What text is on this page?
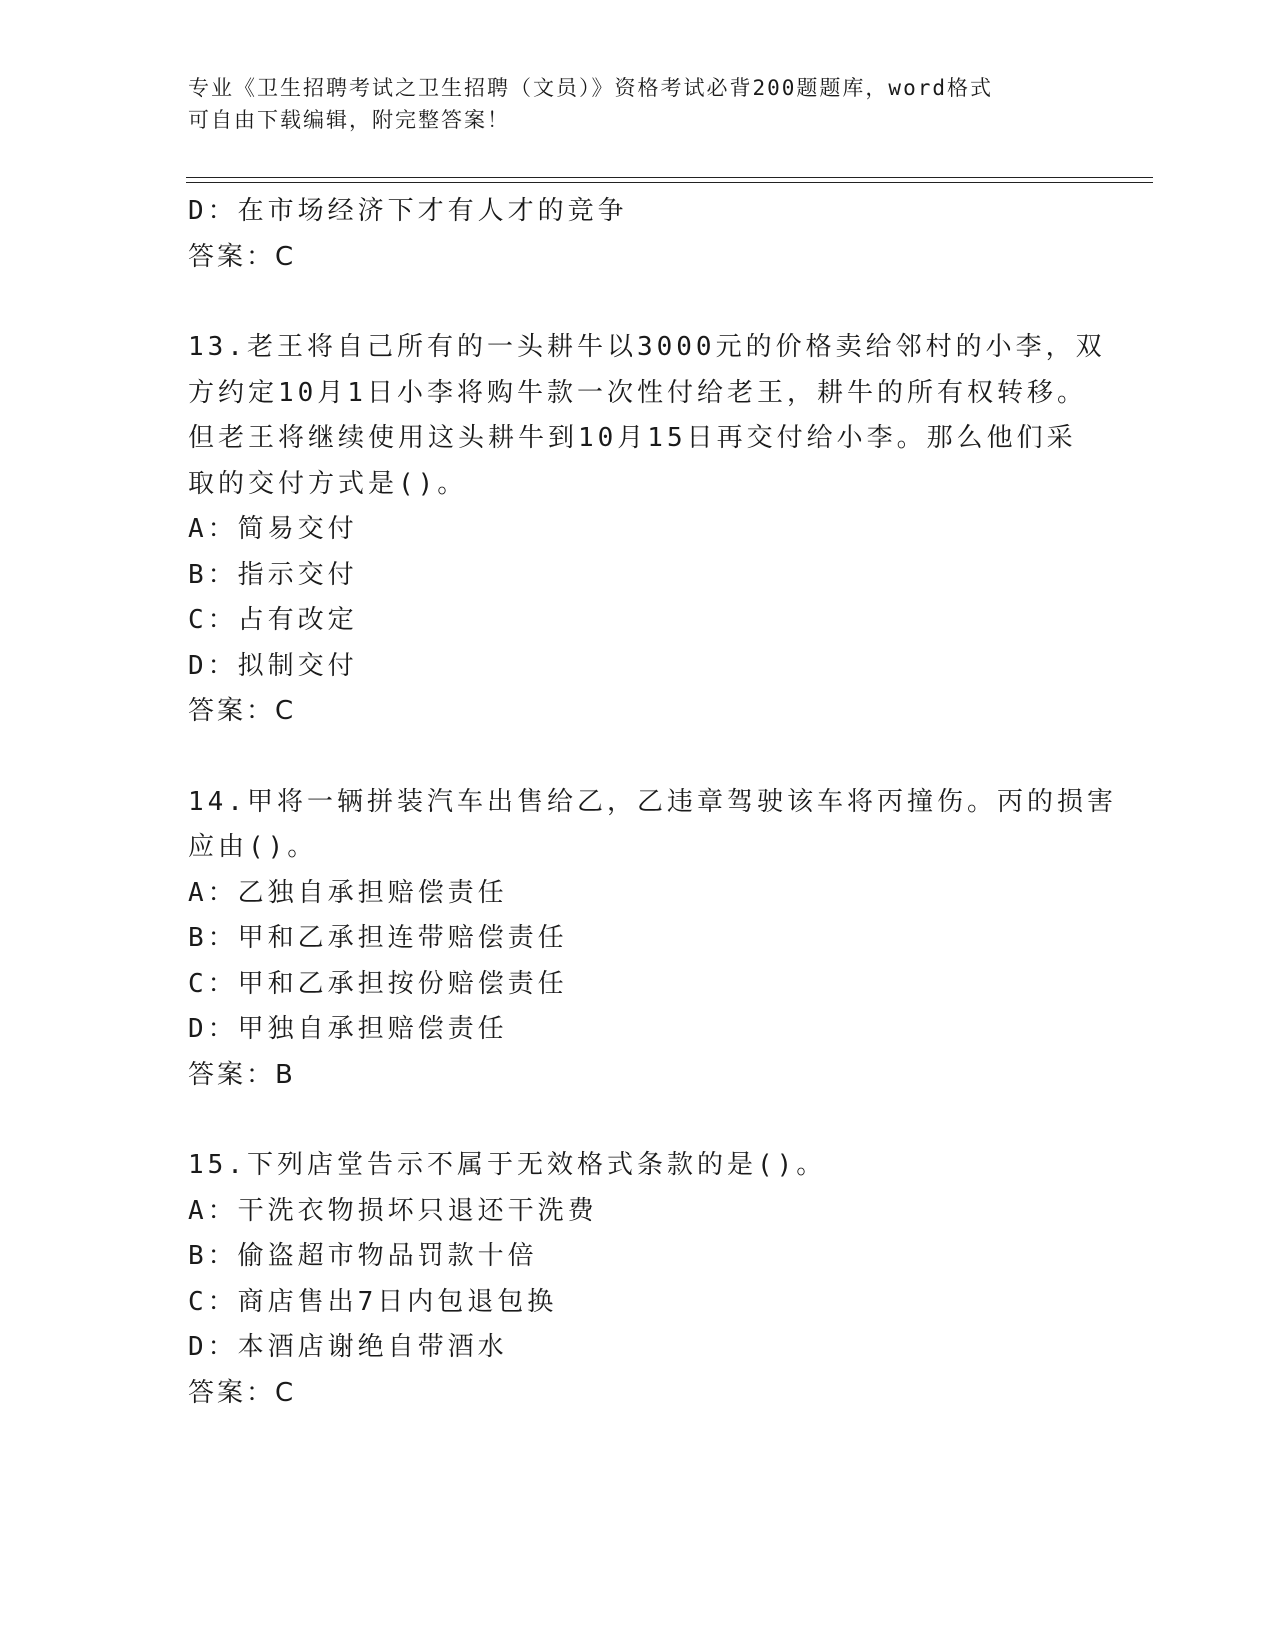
专业《卫生招聘考试之卫生招聘（文员）》资格考试必背200题题库，word格式
可自由下载编辑，附完整答案！
D：在市场经济下才有人才的竞争
答案：C
13.老王将自己所有的一头耕牛以3000元的价格卖给邻村的小李，双
方约定10月1日小李将购牛款一次性付给老王，耕牛的所有权转移。
但老王将继续使用这头耕牛到10月15日再交付给小李。那么他们采
取的交付方式是()。
A：简易交付
B：指示交付
C：占有改定
D：拟制交付
答案：C
14.甲将一辆拼装汽车出售给乙，乙违章驾驶该车将丙撞伤。丙的损害
应由()。
A：乙独自承担赔偿责任
B：甲和乙承担连带赔偿责任
C：甲和乙承担按份赔偿责任
D：甲独自承担赔偿责任
答案：B
15.下列店堂告示不属于无效格式条款的是()。
A：干洗衣物损坏只退还干洗费
B：偷盗超市物品罚款十倍
C：商店售出7日内包退包换
D：本酒店谢绝自带酒水
答案：C
